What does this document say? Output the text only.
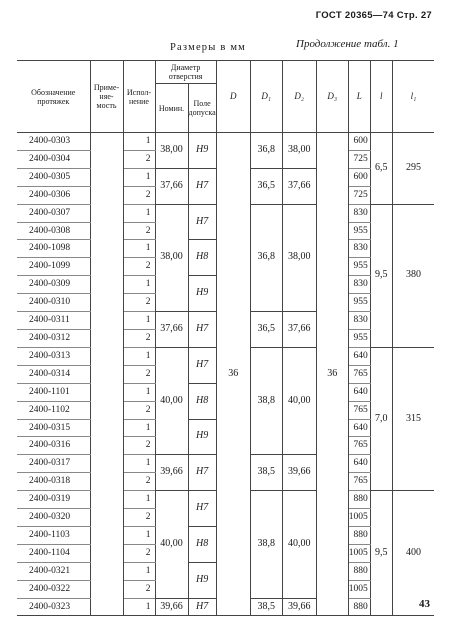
ГОСТ 20365—74 Стр. 27
Размеры в мм	Продолжение табл. 1
Обозначение протяжек	Приме-няе-мость	Испол-нение	Диаметр отверстия		D	D₁	D₂	D₃	L	l	l₁
			Номин.	Поле допуска							
2400-0303		1	38,00	H9	36	36,8	38,00	36	600	6,5	295
2400-0304		2							725		
2400-0305		1	37,66	H7		36,5	37,66		600		
2400-0306		2							725		
2400-0307		1	38,00	H7		36,8	38,00		830	9,5	380
2400-0308		2							955		
2400-1098		1		H8					830		
2400-1099		2							955		
2400-0309		1		H9					830		
2400-0310		2							955		
2400-0311		1	37,66	H7		36,5	37,66		830		
2400-0312		2							955		
2400-0313		1	40,00	H7		38,8	40,00		640	7,0	315
2400-0314		2							765		
2400-1101		1		H8					640		
2400-1102		2							765		
2400-0315		1		H9					640		
2400-0316		2							765		
2400-0317		1	39,66	H7		38,5	39,66		640		
2400-0318		2							765		
2400-0319		1	40,00	H7		38,8	40,00		880	9,5	400
2400-0320		2							1005		
2400-1103		1		H8					880		
2400-1104		2							1005		
2400-0321		1		H9					880		
2400-0322		2							1005		
2400-0323		1	39,66	H7		38,5	39,66		880			43
